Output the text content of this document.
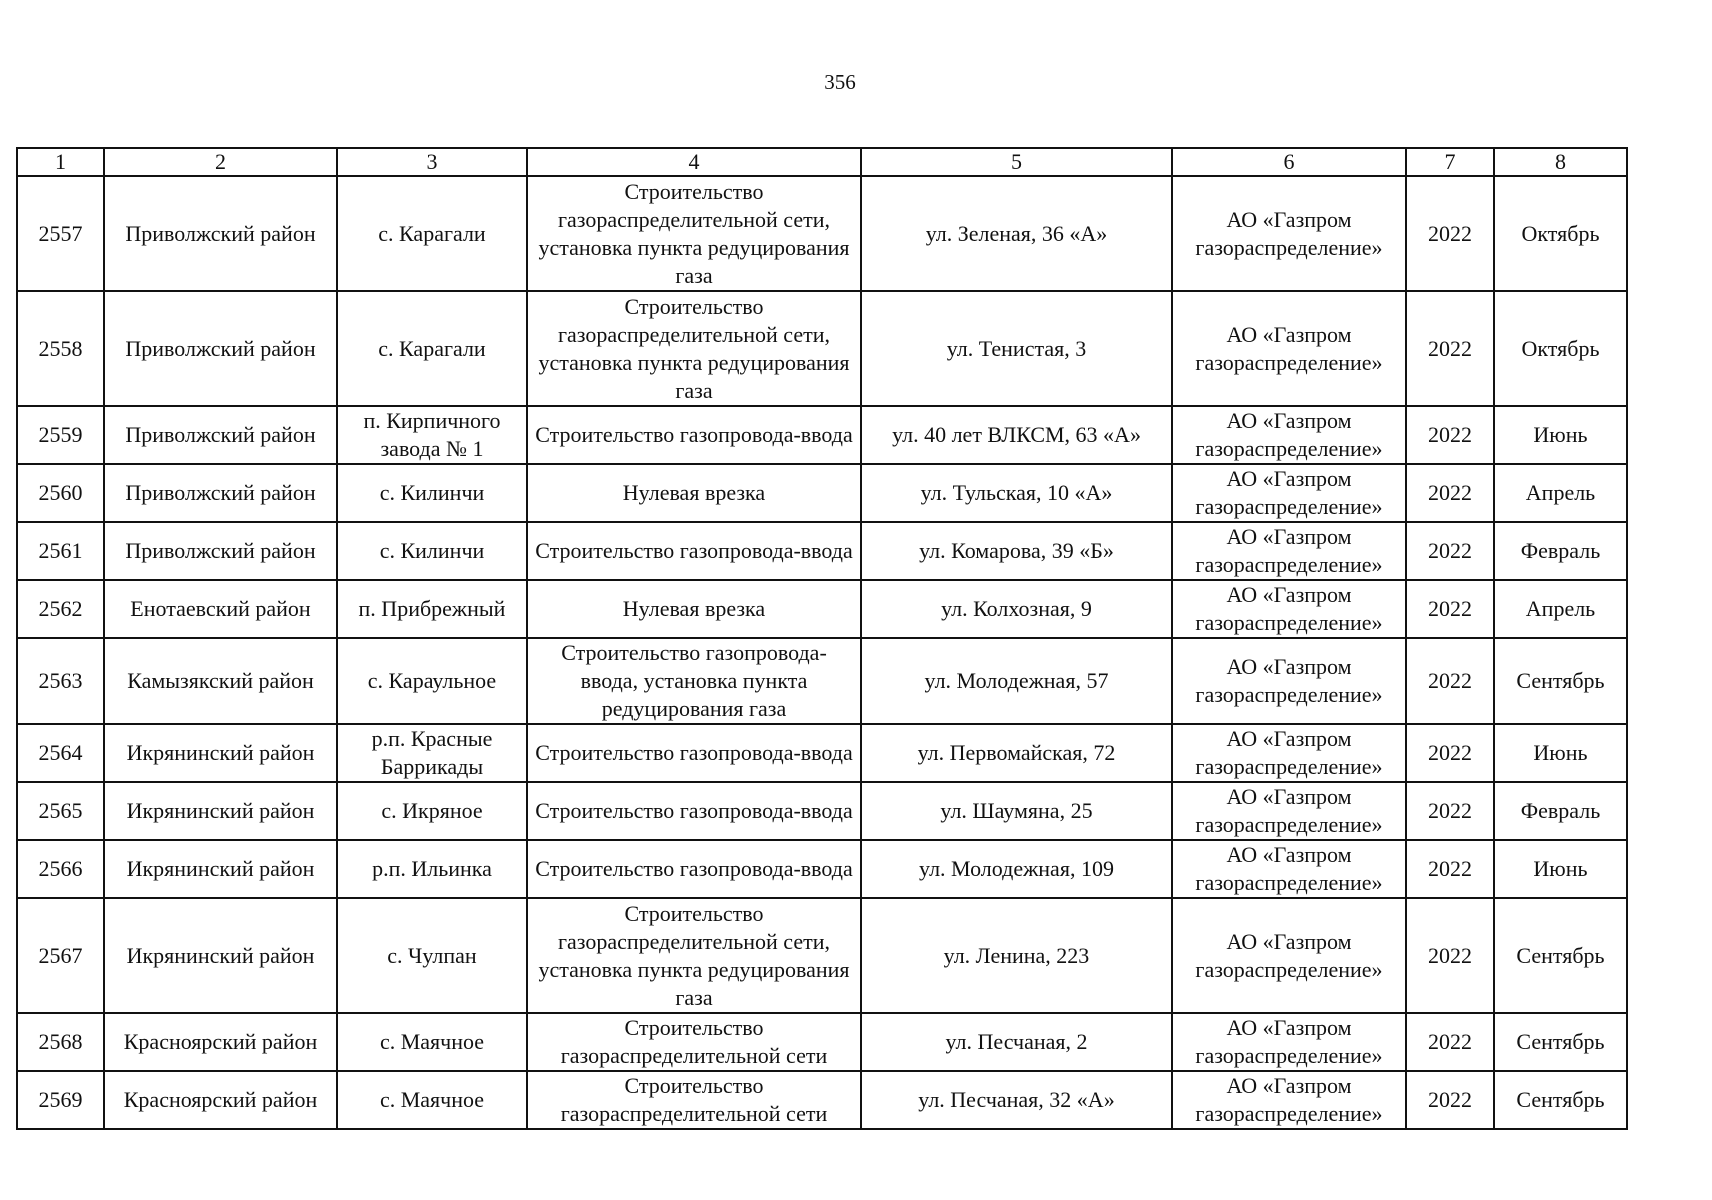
356
1	2	3	4	5	6	7	8
2557	Приволжский район	с. Карагали	Строительство газораспределительной сети, установка пункта редуцирования газа	ул. Зеленая, 36 «А»	АО «Газпром газораспределение»	2022	Октябрь
2558	Приволжский район	с. Карагали	Строительство газораспределительной сети, установка пункта редуцирования газа	ул. Тенистая, 3	АО «Газпром газораспределение»	2022	Октябрь
2559	Приволжский район	п. Кирпичного завода № 1	Строительство газопровода-ввода	ул. 40 лет ВЛКСМ, 63 «А»	АО «Газпром газораспределение»	2022	Июнь
2560	Приволжский район	с. Килинчи	Нулевая врезка	ул. Тульская, 10 «А»	АО «Газпром газораспределение»	2022	Апрель
2561	Приволжский район	с. Килинчи	Строительство газопровода-ввода	ул. Комарова, 39 «Б»	АО «Газпром газораспределение»	2022	Февраль
2562	Енотаевский район	п. Прибрежный	Нулевая врезка	ул. Колхозная, 9	АО «Газпром газораспределение»	2022	Апрель
2563	Камызякский район	с. Караульное	Строительство газопровода-ввода, установка пункта редуцирования газа	ул. Молодежная, 57	АО «Газпром газораспределение»	2022	Сентябрь
2564	Икрянинский район	р.п. Красные Баррикады	Строительство газопровода-ввода	ул. Первомайская, 72	АО «Газпром газораспределение»	2022	Июнь
2565	Икрянинский район	с. Икряное	Строительство газопровода-ввода	ул. Шаумяна, 25	АО «Газпром газораспределение»	2022	Февраль
2566	Икрянинский район	р.п. Ильинка	Строительство газопровода-ввода	ул. Молодежная, 109	АО «Газпром газораспределение»	2022	Июнь
2567	Икрянинский район	с. Чулпан	Строительство газораспределительной сети, установка пункта редуцирования газа	ул. Ленина, 223	АО «Газпром газораспределение»	2022	Сентябрь
2568	Красноярский район	с. Маячное	Строительство газораспределительной сети	ул. Песчаная, 2	АО «Газпром газораспределение»	2022	Сентябрь
2569	Красноярский район	с. Маячное	Строительство газораспределительной сети	ул. Песчаная, 32 «А»	АО «Газпром газораспределение»	2022	Сентябрь
